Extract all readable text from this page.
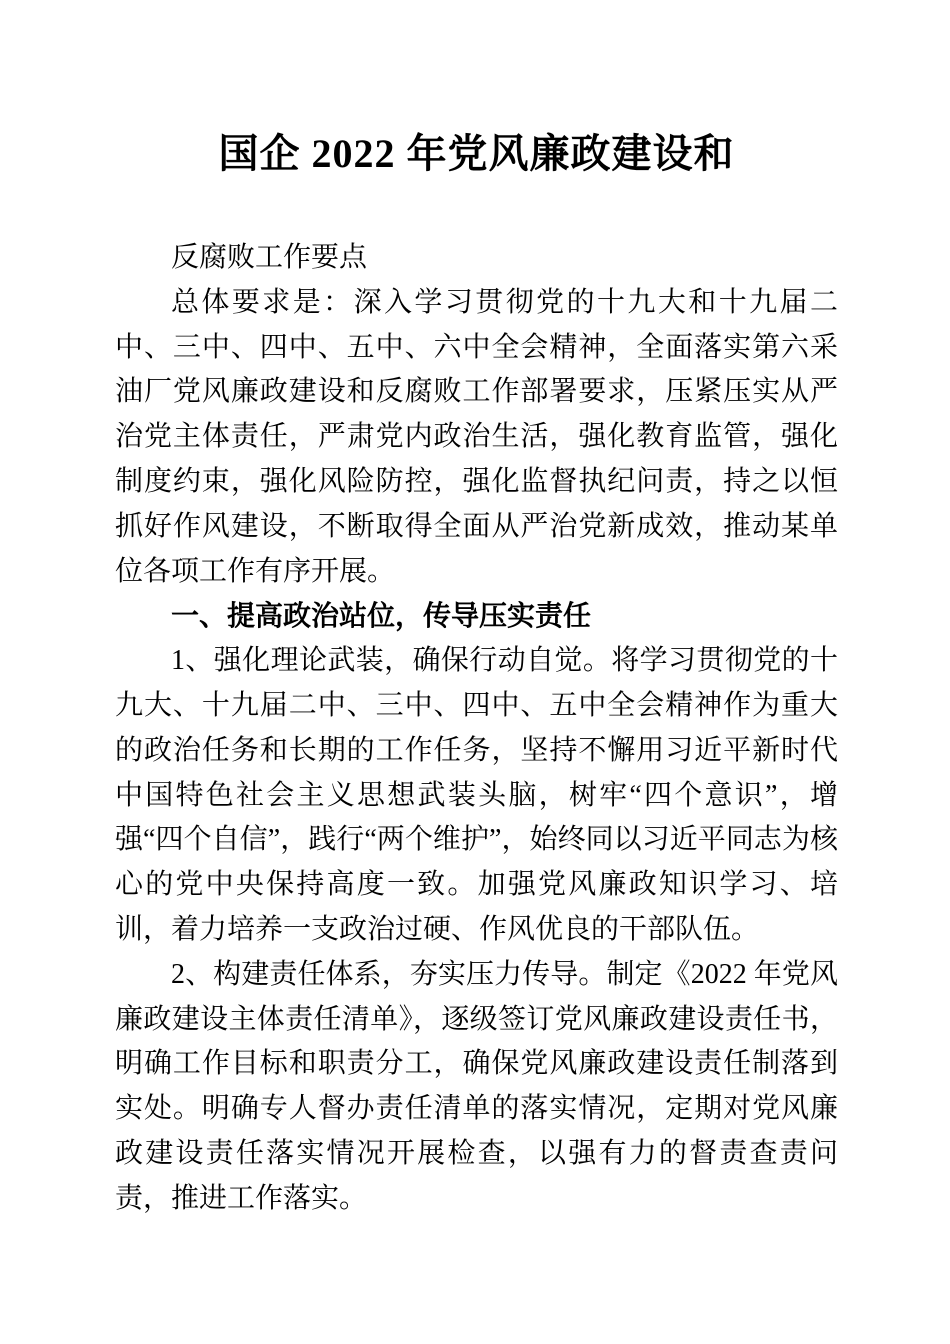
国企 2022 年党风廉政建设和

反腐败工作要点

总体要求是：深入学习贯彻党的十九大和十九届二中、三中、四中、五中、六中全会精神，全面落实第六采油厂党风廉政建设和反腐败工作部署要求，压紧压实从严治党主体责任，严肃党内政治生活，强化教育监管，强化制度约束，强化风险防控，强化监督执纪问责，持之以恒抓好作风建设，不断取得全面从严治党新成效，推动某单位各项工作有序开展。

一、提高政治站位，传导压实责任

1、强化理论武装，确保行动自觉。将学习贯彻党的十九大、十九届二中、三中、四中、五中全会精神作为重大的政治任务和长期的工作任务，坚持不懈用习近平新时代中国特色社会主义思想武装头脑，树牢“四个意识”，增强“四个自信”，践行“两个维护”，始终同以习近平同志为核心的党中央保持高度一致。加强党风廉政知识学习、培训，着力培养一支政治过硬、作风优良的干部队伍。

2、构建责任体系，夯实压力传导。制定《2022 年党风廉政建设主体责任清单》，逐级签订党风廉政建设责任书，明确工作目标和职责分工，确保党风廉政建设责任制落到实处。明确专人督办责任清单的落实情况，定期对党风廉政建设责任落实情况开展检查，以强有力的督责查责问责，推进工作落实。
